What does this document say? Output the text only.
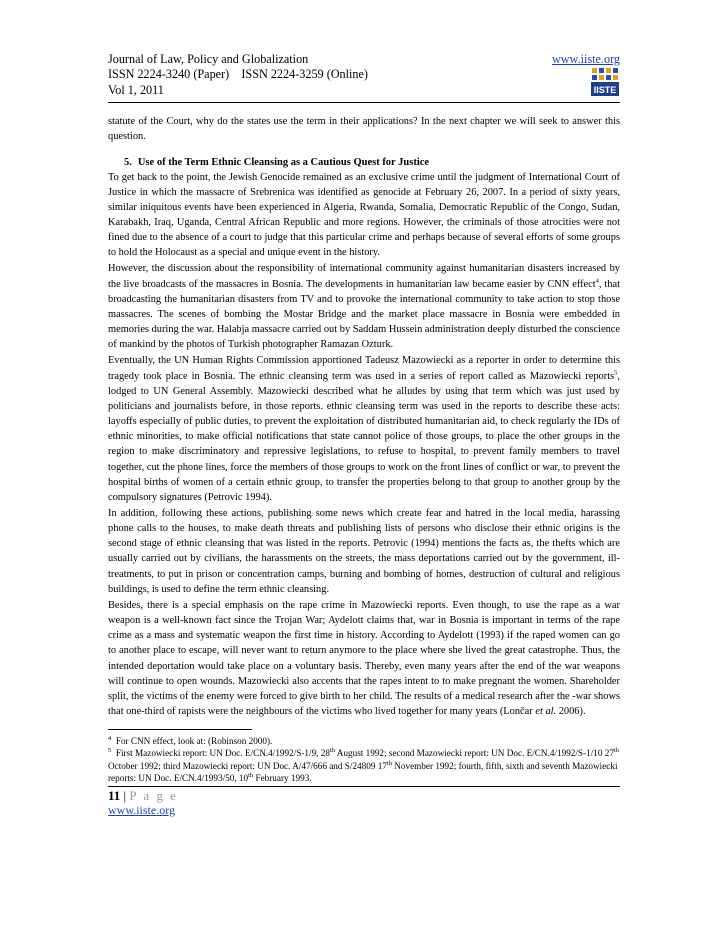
Journal of Law, Policy and Globalization	www.iiste.org
ISSN 2224-3240 (Paper)    ISSN 2224-3259 (Online)
Vol 1, 2011	IISTE

statute of the Court, why do the states use the term in their applications? In the next chapter we will seek to answer this question.

5. Use of the Term Ethnic Cleansing as a Cautious Quest for Justice

To get back to the point, the Jewish Genocide remained as an exclusive crime until the judgment of International Court of Justice in which the massacre of Srebrenica was identified as genocide at February 26, 2007. In a period of sixty years, similar iniquitous events have been experienced in Algeria, Rwanda, Somalia, Democratic Republic of the Congo, Sudan, Karabakh, Iraq, Uganda, Central African Republic and more regions. However, the criminals of those atrocities were not fined due to the absence of a court to judge that this particular crime and perhaps because of several efforts of some groups to hold the Holocaust as a special and unique event in the history.

However, the discussion about the responsibility of international community against humanitarian disasters increased by the live broadcasts of the massacres in Bosnia. The developments in humanitarian law became easier by CNN effect$^4$, that broadcasting the humanitarian disasters from TV and to provoke the international community to take action to stop those massacres. The scenes of bombing the Mostar Bridge and the market place massacre in Bosnia were embedded in memories during the war. Halabja massacre carried out by Saddam Hussein administration deeply disturbed the conscience of mankind by the photos of Turkish photographer Ramazan Ozturk.

Eventually, the UN Human Rights Commission apportioned Tadeusz Mazowiecki as a reporter in order to determine this tragedy took place in Bosnia. The ethnic cleansing term was used in a series of report called as Mazowiecki reports$^5$, lodged to UN General Assembly. Mazowiecki described what he alludes by using that term which was just used by politicians and journalists before, in those reports. ethnic cleansing term was used in the reports to describe these acts: layoffs especially of public duties, to prevent the exploitation of distributed humanitarian aid, to check regularly the IDs of ethnic minorities, to make official notifications that state cannot police of those groups, to place the other groups in the region to make discriminatory and repressive legislations, to refuse to hospital, to prevent family members to travel together, cut the phone lines, force the members of those groups to work on the front lines of conflict or war, to prevent the hospital births of women of a certain ethnic group, to transfer the properties belong to that group to another group by the compulsory signatures (Petrovic 1994).

In addition, following these actions, publishing some news which create fear and hatred in the local media, harassing phone calls to the houses, to make death threats and publishing lists of persons who disclose their ethnic origins is the second stage of ethnic cleansing that was listed in the reports. Petrovic (1994) mentions the facts as, the thefts which are usually carried out by civilians, the harassments on the streets, the mass deportations carried out by the government, ill-treatments, to put in prison or concentration camps, burning and bombing of homes, destruction of cultural and religious buildings, is used to define the term ethnic cleansing.

Besides, there is a special emphasis on the rape crime in Mazowiecki reports. Even though, to use the rape as a war weapon is a well-known fact since the Trojan War; Aydelott claims that, war in Bosnia is important in terms of the rape crime as a mass and systematic weapon the first time in history. According to Aydelott (1993) if the raped women can go to another place to escape, will never want to return anymore to the place where she lived the great catastrophe. Thus, the intended deportation would take place on a voluntary basis. Thereby, even many years after the end of the war weapons will continue to open wounds. Mazowiecki also accents that the rapes intent to to make pregnant the women. Shareholder split, the victims of the enemy were forced to give birth to her child. The results of a medical research after the -war shows that one-third of rapists were the neighbours of the victims who lived together for many years (Lončar et al. 2006).

$^4$  For CNN effect, look at: (Robinson 2000).

$^5$  First Mazowiecki report: UN Doc. E/CN.4/1992/S-1/9, 28th August 1992; second Mazowiecki report: UN Doc. E/CN.4/1992/S-1/10 27th October 1992; third Mazowiecki report: UN Doc. A/47/666 and S/24809 17th November 1992; fourth, fifth, sixth and seventh Mazowiecki reports: UN Doc. E/CN.4/1993/50, 10th February 1993.

11 | P a g e
www.iiste.org
